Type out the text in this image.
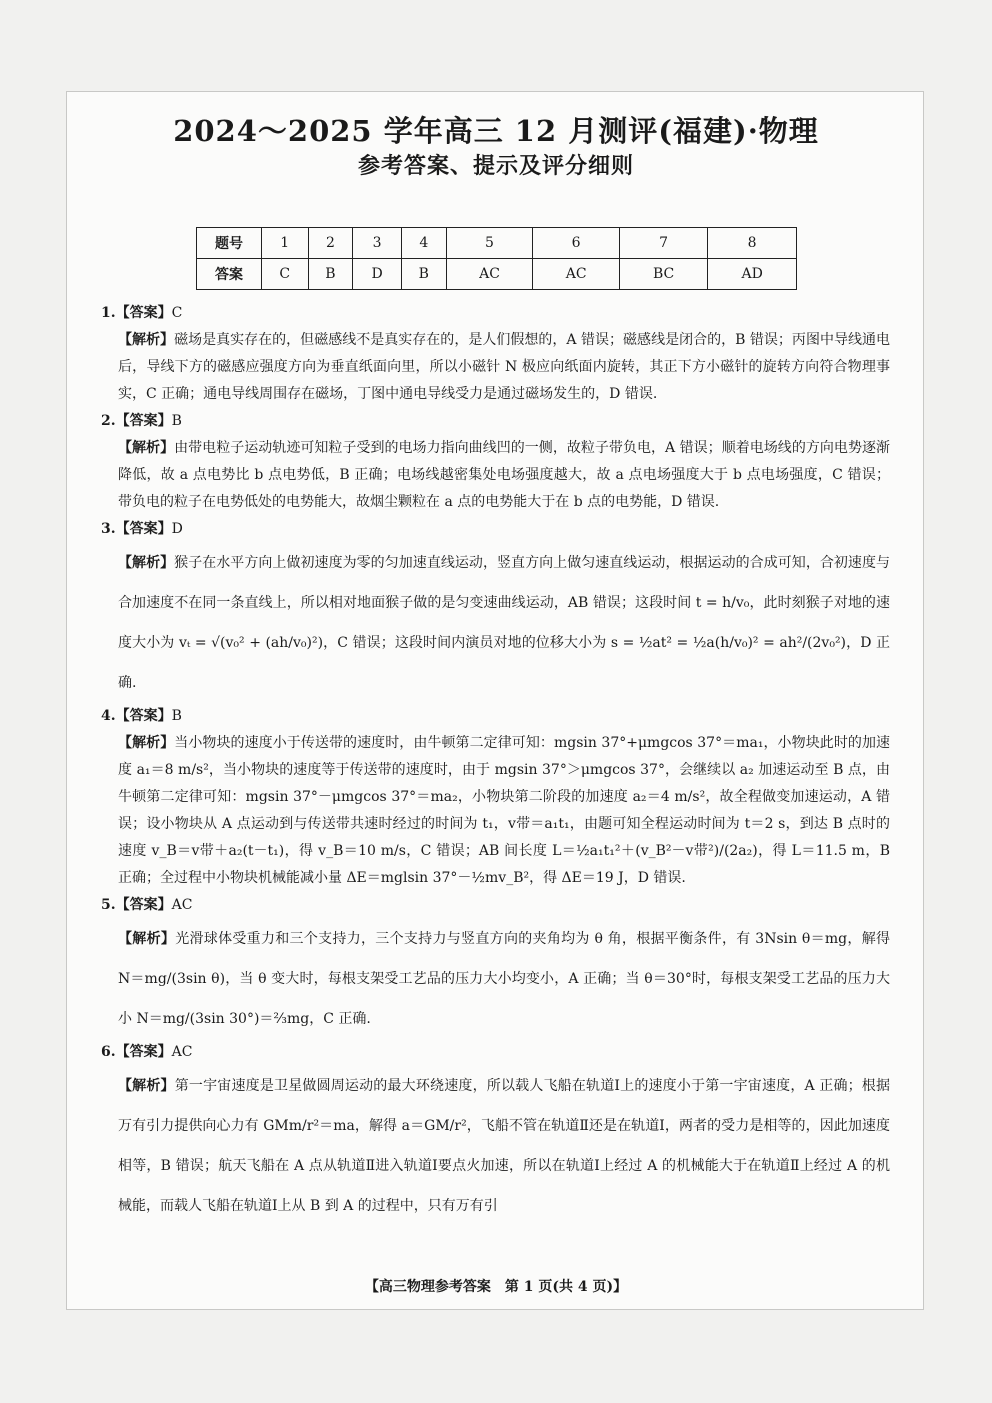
2024～2025 学年高三 12 月测评(福建)·物理
参考答案、提示及评分细则
题号	1	2	3	4	5	6	7	8
答案	C	B	D	B	AC	AC	BC	AD
1.【答案】C

【解析】磁场是真实存在的，但磁感线不是真实存在的，是人们假想的，A 错误；磁感线是闭合的，B 错误；丙图中导线通电后，导线下方的磁感应强度方向为垂直纸面向里，所以小磁针 N 极应向纸面内旋转，其正下方小磁针的旋转方向符合物理事实，C 正确；通电导线周围存在磁场，丁图中通电导线受力是通过磁场发生的，D 错误.

2.【答案】B

【解析】由带电粒子运动轨迹可知粒子受到的电场力指向曲线凹的一侧，故粒子带负电，A 错误；顺着电场线的方向电势逐渐降低，故 a 点电势比 b 点电势低，B 正确；电场线越密集处电场强度越大，故 a 点电场强度大于 b 点电场强度，C 错误；带负电的粒子在电势低处的电势能大，故烟尘颗粒在 a 点的电势能大于在 b 点的电势能，D 错误.

3.【答案】D

【解析】猴子在水平方向上做初速度为零的匀加速直线运动，竖直方向上做匀速直线运动，根据运动的合成可知，合初速度与合加速度不在同一条直线上，所以相对地面猴子做的是匀变速曲线运动，AB 错误；这段时间 t = h/v₀，此时刻猴子对地的速度大小为 vₜ = √(v₀² + (ah/v₀)²)，C 错误；这段时间内演员对地的位移大小为 s = ½at² = ½a(h/v₀)² = ah²/(2v₀²)，D 正确.

4.【答案】B

【解析】当小物块的速度小于传送带的速度时，由牛顿第二定律可知：mgsin 37°+μmgcos 37°＝ma₁，小物块此时的加速度 a₁＝8 m/s²，当小物块的速度等于传送带的速度时，由于 mgsin 37°＞μmgcos 37°，会继续以 a₂ 加速运动至 B 点，由牛顿第二定律可知：mgsin 37°－μmgcos 37°＝ma₂，小物块第二阶段的加速度 a₂＝4 m/s²，故全程做变加速运动，A 错误；设小物块从 A 点运动到与传送带共速时经过的时间为 t₁，v带＝a₁t₁，由题可知全程运动时间为 t＝2 s，到达 B 点时的速度 v_B＝v带＋a₂(t－t₁)，得 v_B＝10 m/s，C 错误；AB 间长度 L＝½a₁t₁²＋(v_B²－v带²)/(2a₂)，得 L＝11.5 m，B 正确；全过程中小物块机械能减小量 ΔE＝mglsin 37°－½mv_B²，得 ΔE＝19 J，D 错误.

5.【答案】AC

【解析】光滑球体受重力和三个支持力，三个支持力与竖直方向的夹角均为 θ 角，根据平衡条件，有 3Nsin θ＝mg，解得 N＝mg/(3sin θ)，当 θ 变大时，每根支架受工艺品的压力大小均变小，A 正确；当 θ＝30°时，每根支架受工艺品的压力大小 N＝mg/(3sin 30°)＝⅔mg，C 正确.

6.【答案】AC

【解析】第一宇宙速度是卫星做圆周运动的最大环绕速度，所以载人飞船在轨道Ⅰ上的速度小于第一宇宙速度，A 正确；根据万有引力提供向心力有 GMm/r²＝ma，解得 a＝GM/r²，飞船不管在轨道Ⅱ还是在轨道Ⅰ，两者的受力是相等的，因此加速度相等，B 错误；航天飞船在 A 点从轨道Ⅱ进入轨道Ⅰ要点火加速，所以在轨道Ⅰ上经过 A 的机械能大于在轨道Ⅱ上经过 A 的机械能，而载人飞船在轨道Ⅰ上从 B 到 A 的过程中，只有万有引

【高三物理参考答案　第 1 页(共 4 页)】
